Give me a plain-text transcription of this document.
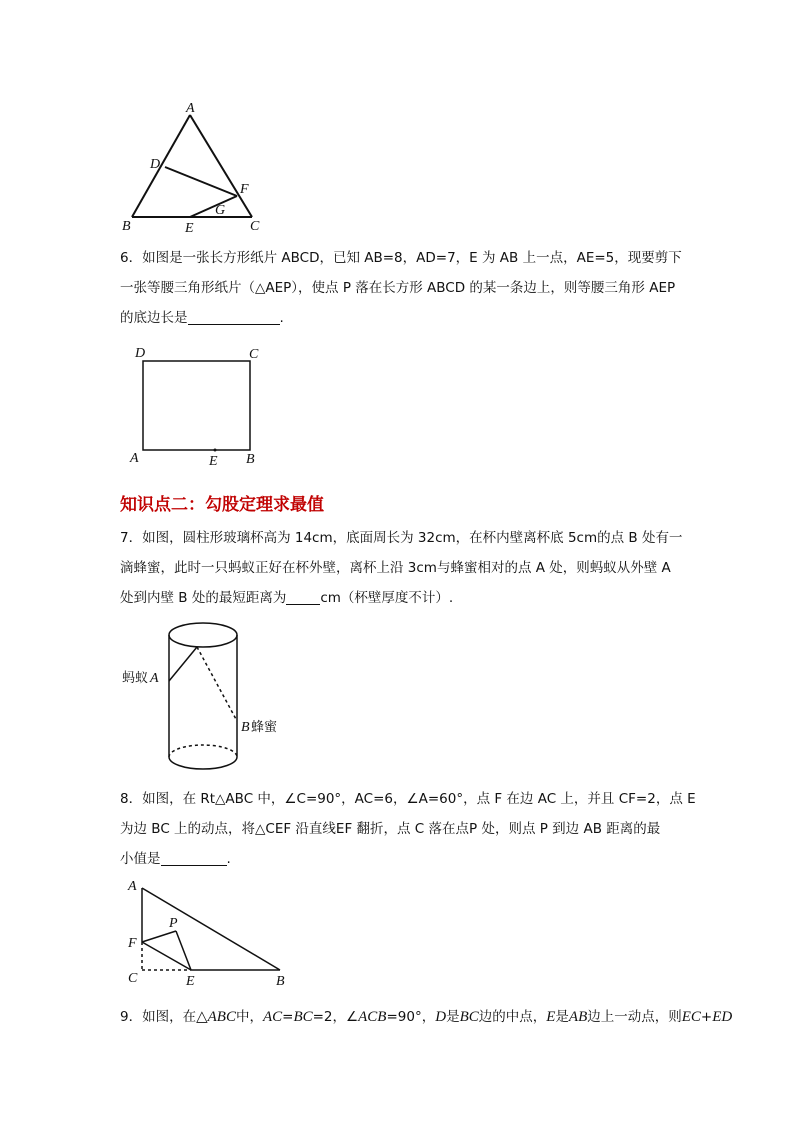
A
D
F
G
B	E	C
6．如图是一张长方形纸片 ABCD，已知 AB=8，AD=7，E 为 AB 上一点，AE=5，现要剪下
一张等腰三角形纸片（△AEP），使点 P 落在长方形 ABCD 的某一条边上，则等腰三角形 AEP
的底边长是	.
D	C
A	E B
知识点二：勾股定理求最值
7．如图，圆柱形玻璃杯高为 14cm，底面周长为 32cm，在杯内壁离杯底 5cm的点 B 处有一
滴蜂蜜，此时一只蚂蚁正好在杯外壁，离杯上沿 3cm与蜂蜜相对的点 A 处，则蚂蚁从外壁 A
处到内壁 B 处的最短距离为	cm（杯壁厚度不计）.
蚂蚁 A
B 蜂蜜
8．如图，在 Rt△ABC 中，∠C=90°，AC=6，∠A=60°，点 F 在边 AC 上，并且 CF=2，点 E
为边 BC 上的动点，将△CEF 沿直线EF 翻折，点 C 落在点P 处，则点 P 到边 AB 距离的最
小值是	.
A
P
F
C	E	B
9．如图，在△ABC中，AC=BC=2，∠ACB=90°，D是BC边的中点，E是AB边上一动点，则EC+ED
